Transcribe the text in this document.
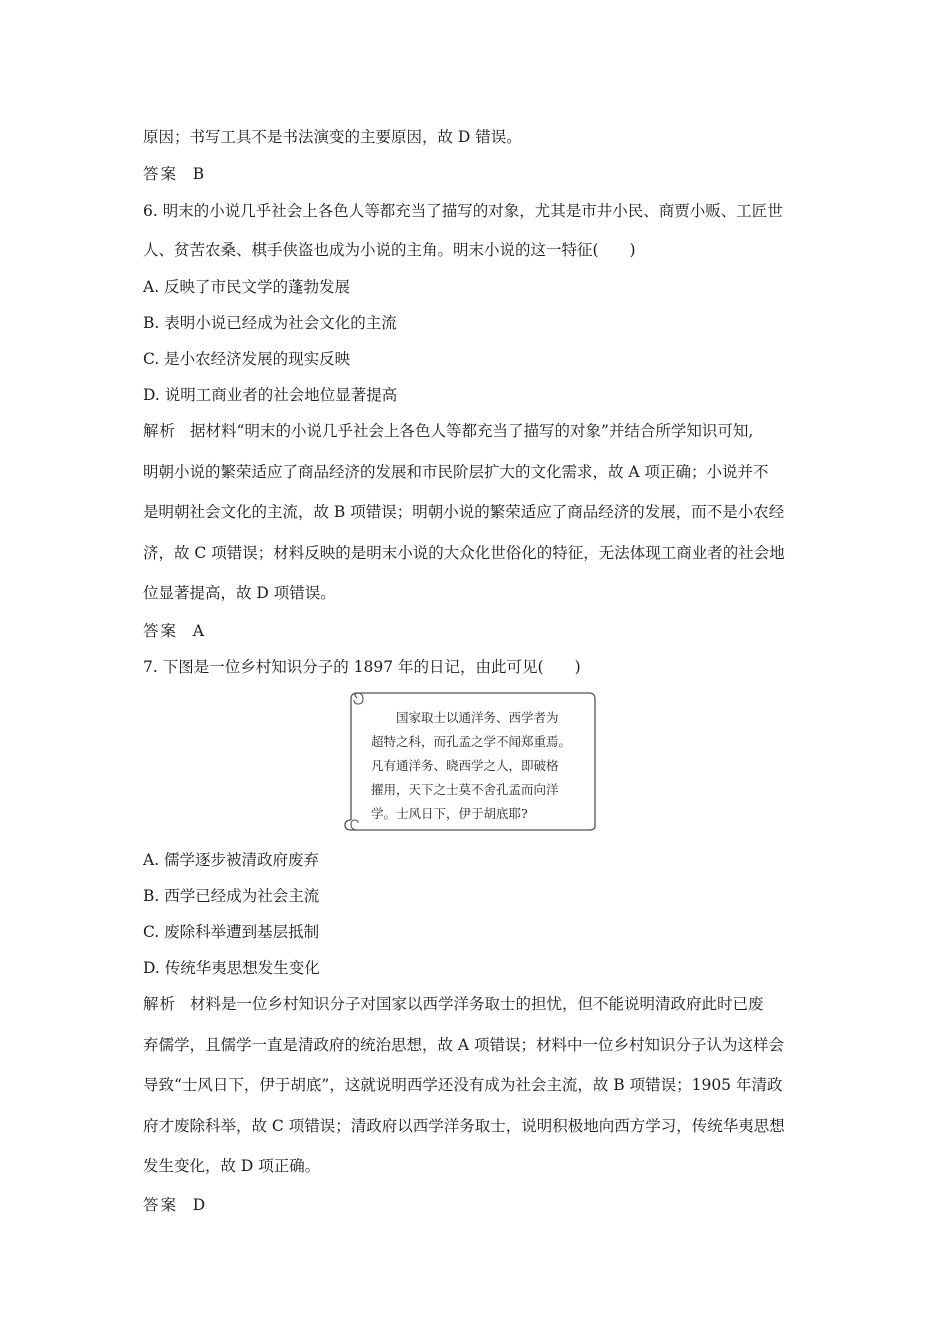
原因；书写工具不是书法演变的主要原因，故 D 错误。
答案 B
6. 明末的小说几乎社会上各色人等都充当了描写的对象，尤其是市井小民、商贾小贩、工匠世
人、贫苦农桑、棋手侠盗也成为小说的主角。明末小说的这一特征(　　)
A. 反映了市民文学的蓬勃发展
B. 表明小说已经成为社会文化的主流
C. 是小农经济发展的现实反映
D. 说明工商业者的社会地位显著提高
解析 据材料“明末的小说几乎社会上各色人等都充当了描写的对象”并结合所学知识可知,
明朝小说的繁荣适应了商品经济的发展和市民阶层扩大的文化需求，故 A 项正确；小说并不
是明朝社会文化的主流，故 B 项错误；明朝小说的繁荣适应了商品经济的发展，而不是小农经
济，故 C 项错误；材料反映的是明末小说的大众化世俗化的特征，无法体现工商业者的社会地
位显著提高，故 D 项错误。
答案 A
7. 下图是一位乡村知识分子的 1897 年的日记，由此可见(　　)
　　国家取士以通洋务、西学者为
超特之科，而孔孟之学不闻郑重焉。
凡有通洋务、晓西学之人，即破格
擢用，天下之士莫不舍孔孟而向洋
学。士风日下，伊于胡底耶?
A. 儒学逐步被清政府废弃
B. 西学已经成为社会主流
C. 废除科举遭到基层抵制
D. 传统华夷思想发生变化
解析 材料是一位乡村知识分子对国家以西学洋务取士的担忧，但不能说明清政府此时已废
弃儒学，且儒学一直是清政府的统治思想，故 A 项错误；材料中一位乡村知识分子认为这样会
导致“士风日下，伊于胡底”，这就说明西学还没有成为社会主流，故 B 项错误；1905 年清政
府才废除科举，故 C 项错误；清政府以西学洋务取士，说明积极地向西方学习，传统华夷思想
发生变化，故 D 项正确。
答案 D
